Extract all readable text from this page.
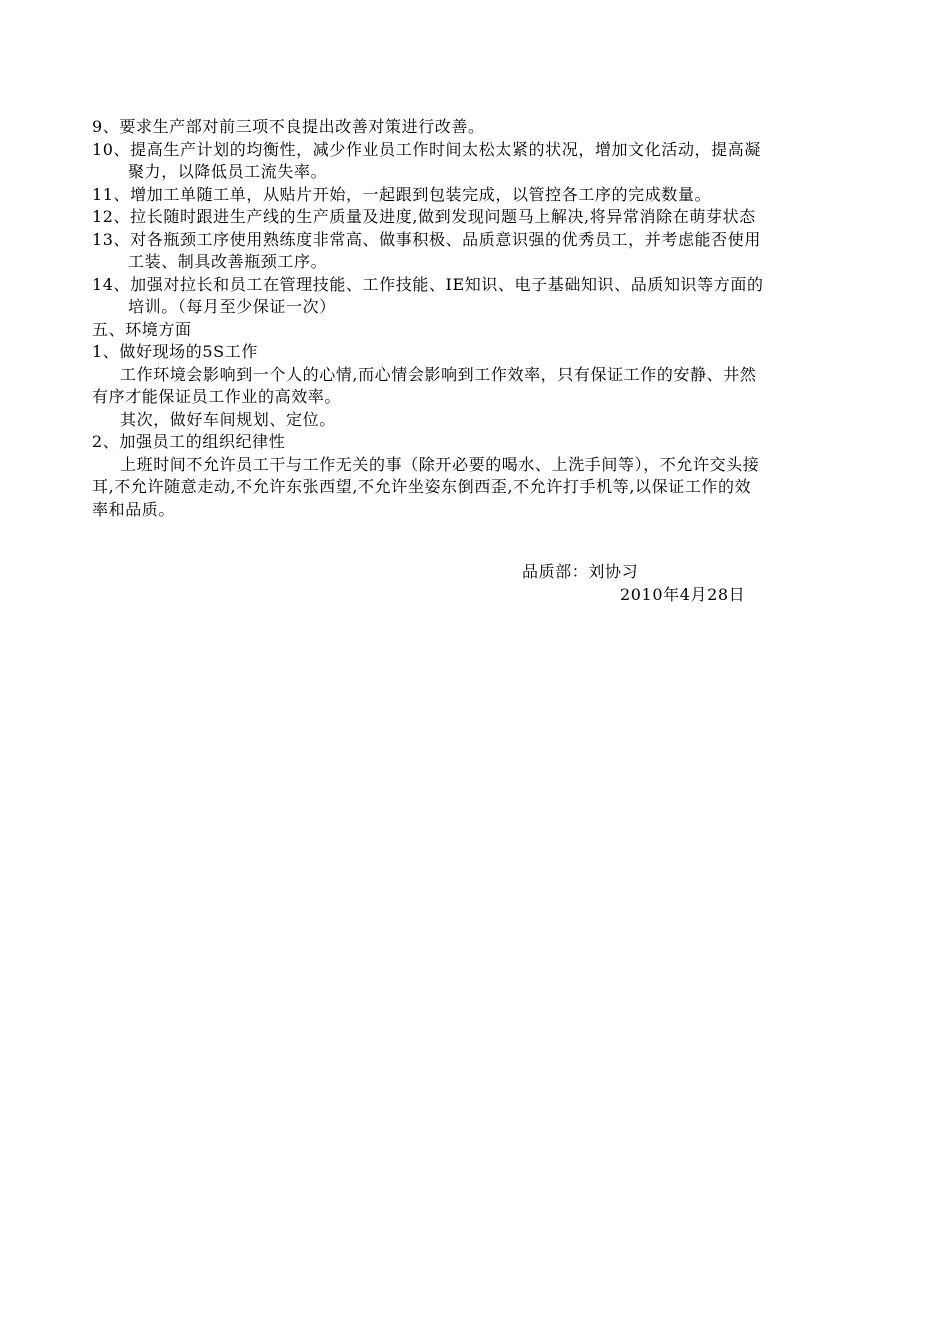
9、要求生产部对前三项不良提出改善对策进行改善。
10、提高生产计划的均衡性，减少作业员工作时间太松太紧的状况，增加文化活动，提高凝
聚力，以降低员工流失率。
11、增加工单随工单，从贴片开始，一起跟到包装完成，以管控各工序的完成数量。
12、拉长随时跟进生产线的生产质量及进度,做到发现问题马上解决,将异常消除在萌芽状态
13、对各瓶颈工序使用熟练度非常高、做事积极、品质意识强的优秀员工，并考虑能否使用
工装、制具改善瓶颈工序。
14、加强对拉长和员工在管理技能、工作技能、IE知识、电子基础知识、品质知识等方面的
培训。（每月至少保证一次）
五、环境方面
1、做好现场的5S工作
工作环境会影响到一个人的心情,而心情会影响到工作效率，只有保证工作的安静、井然
有序才能保证员工作业的高效率。
其次，做好车间规划、定位。
2、加强员工的组织纪律性
上班时间不允许员工干与工作无关的事（除开必要的喝水、上洗手间等），不允许交头接
耳,不允许随意走动,不允许东张西望,不允许坐姿东倒西歪,不允许打手机等,以保证工作的效
率和品质。
品质部：刘协习
2010年4月28日
